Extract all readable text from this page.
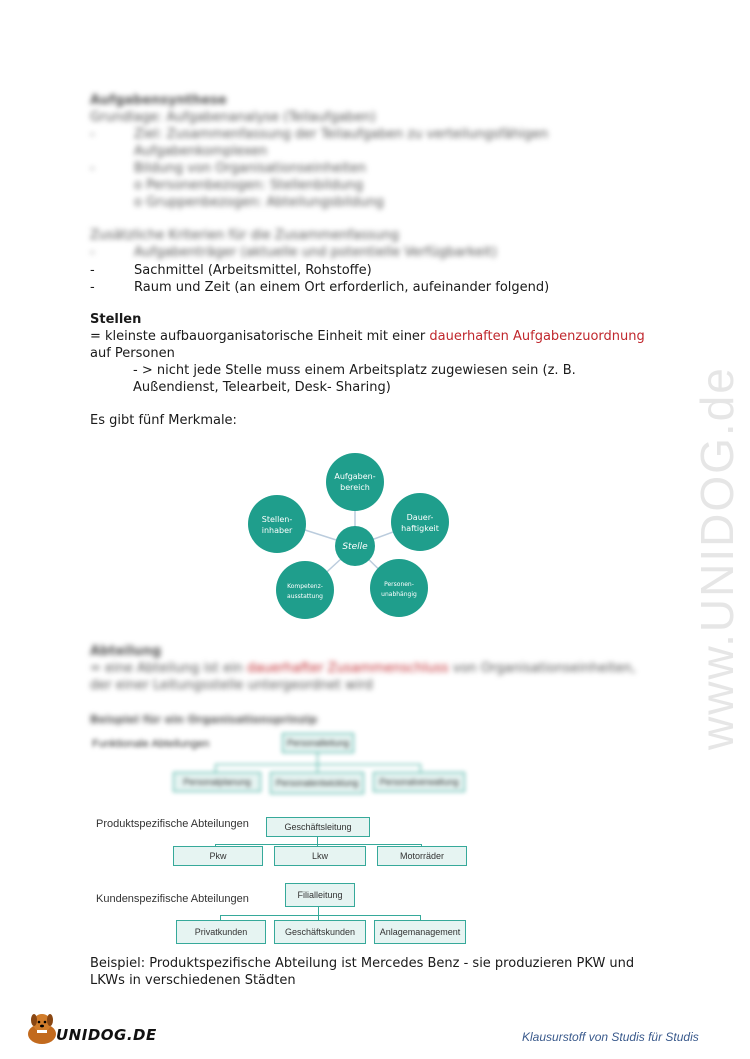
www.UNIDOG.de
Aufgabensynthese
Grundlage: Aufgabenanalyse (Teilaufgaben)
-	Ziel: Zusammenfassung der Teilaufgaben zu verteilungsfähigen
Aufgabenkomplexen
-	Bildung von Organisationseinheiten
o Personenbezogen: Stellenbildung
o Gruppenbezogen: Abteilungsbildung
Zusätzliche Kriterien für die Zusammenfassung
-	Aufgabenträger (aktuelle und potentielle Verfügbarkeit)
-	Sachmittel (Arbeitsmittel, Rohstoffe)
-	Raum und Zeit (an einem Ort erforderlich, aufeinander folgend)
Stellen
= kleinste aufbauorganisatorische Einheit mit einer dauerhaften Aufgabenzuordnung
auf Personen
- > nicht jede Stelle muss einem Arbeitsplatz zugewiesen sein (z. B.
Außendienst, Telearbeit, Desk- Sharing)
Es gibt fünf Merkmale:
Stelle
Aufgaben-
bereich
Dauer-
haftigkeit
Personen-
unabhängig
Kompetenz-
ausstattung
Stellen-
inhaber
Abteilung
= eine Abteilung ist ein dauerhafter Zusammenschluss von Organisationseinheiten,
der einer Leitungsstelle untergeordnet wird
Beispiel für ein Organisationsprinzip
Funktionale Abteilungen	Personalleitung
Personalplanung	Personalentwicklung	Personalverwaltung
Produktspezifische Abteilungen	Geschäftsleitung
Pkw	Lkw	Motorräder
Kundenspezifische Abteilungen	Filialleitung
Privatkunden	Geschäftskunden	Anlagemanagement
Beispiel: Produktspezifische Abteilung ist Mercedes Benz - sie produzieren PKW und
LKWs in verschiedenen Städten
UNIDOG.DE	Klausurstoff von Studis für Studis
